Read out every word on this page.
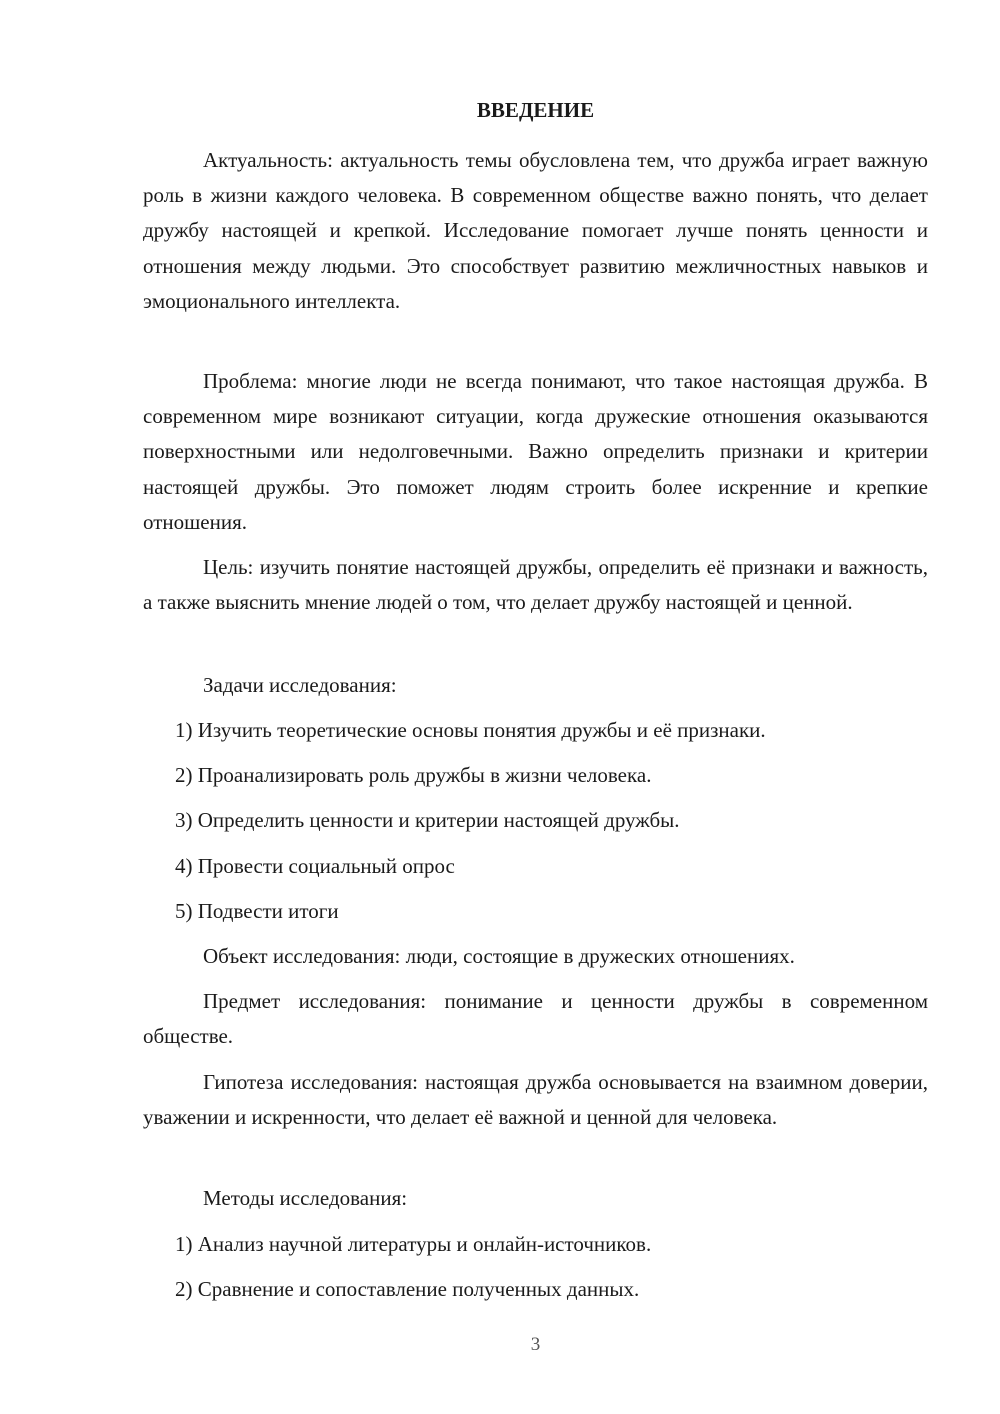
ВВЕДЕНИЕ

Актуальность: актуальность темы обусловлена тем, что дружба играет важную роль в жизни каждого человека. В современном обществе важно понять, что делает дружбу настоящей и крепкой. Исследование помогает лучше понять ценности и отношения между людьми. Это способствует развитию межличностных навыков и эмоционального интеллекта.

Проблема: многие люди не всегда понимают, что такое настоящая дружба. В современном мире возникают ситуации, когда дружеские отношения оказываются поверхностными или недолговечными. Важно определить признаки и критерии настоящей дружбы. Это поможет людям строить более искренние и крепкие отношения.

Цель: изучить понятие настоящей дружбы, определить её признаки и важность, а также выяснить мнение людей о том, что делает дружбу настоящей и ценной.

Задачи исследования:
1) Изучить теоретические основы понятия дружбы и её признаки.
2) Проанализировать роль дружбы в жизни человека.
3) Определить ценности и критерии настоящей дружбы.
4) Провести социальный опрос
5) Подвести итоги
Объект исследования: люди, состоящие в дружеских отношениях.

Предмет исследования: понимание и ценности дружбы в современном обществе.

Гипотеза исследования: настоящая дружба основывается на взаимном доверии, уважении и искренности, что делает её важной и ценной для человека.

Методы исследования:
1) Анализ научной литературы и онлайн-источников.
2) Сравнение и сопоставление полученных данных.
3
